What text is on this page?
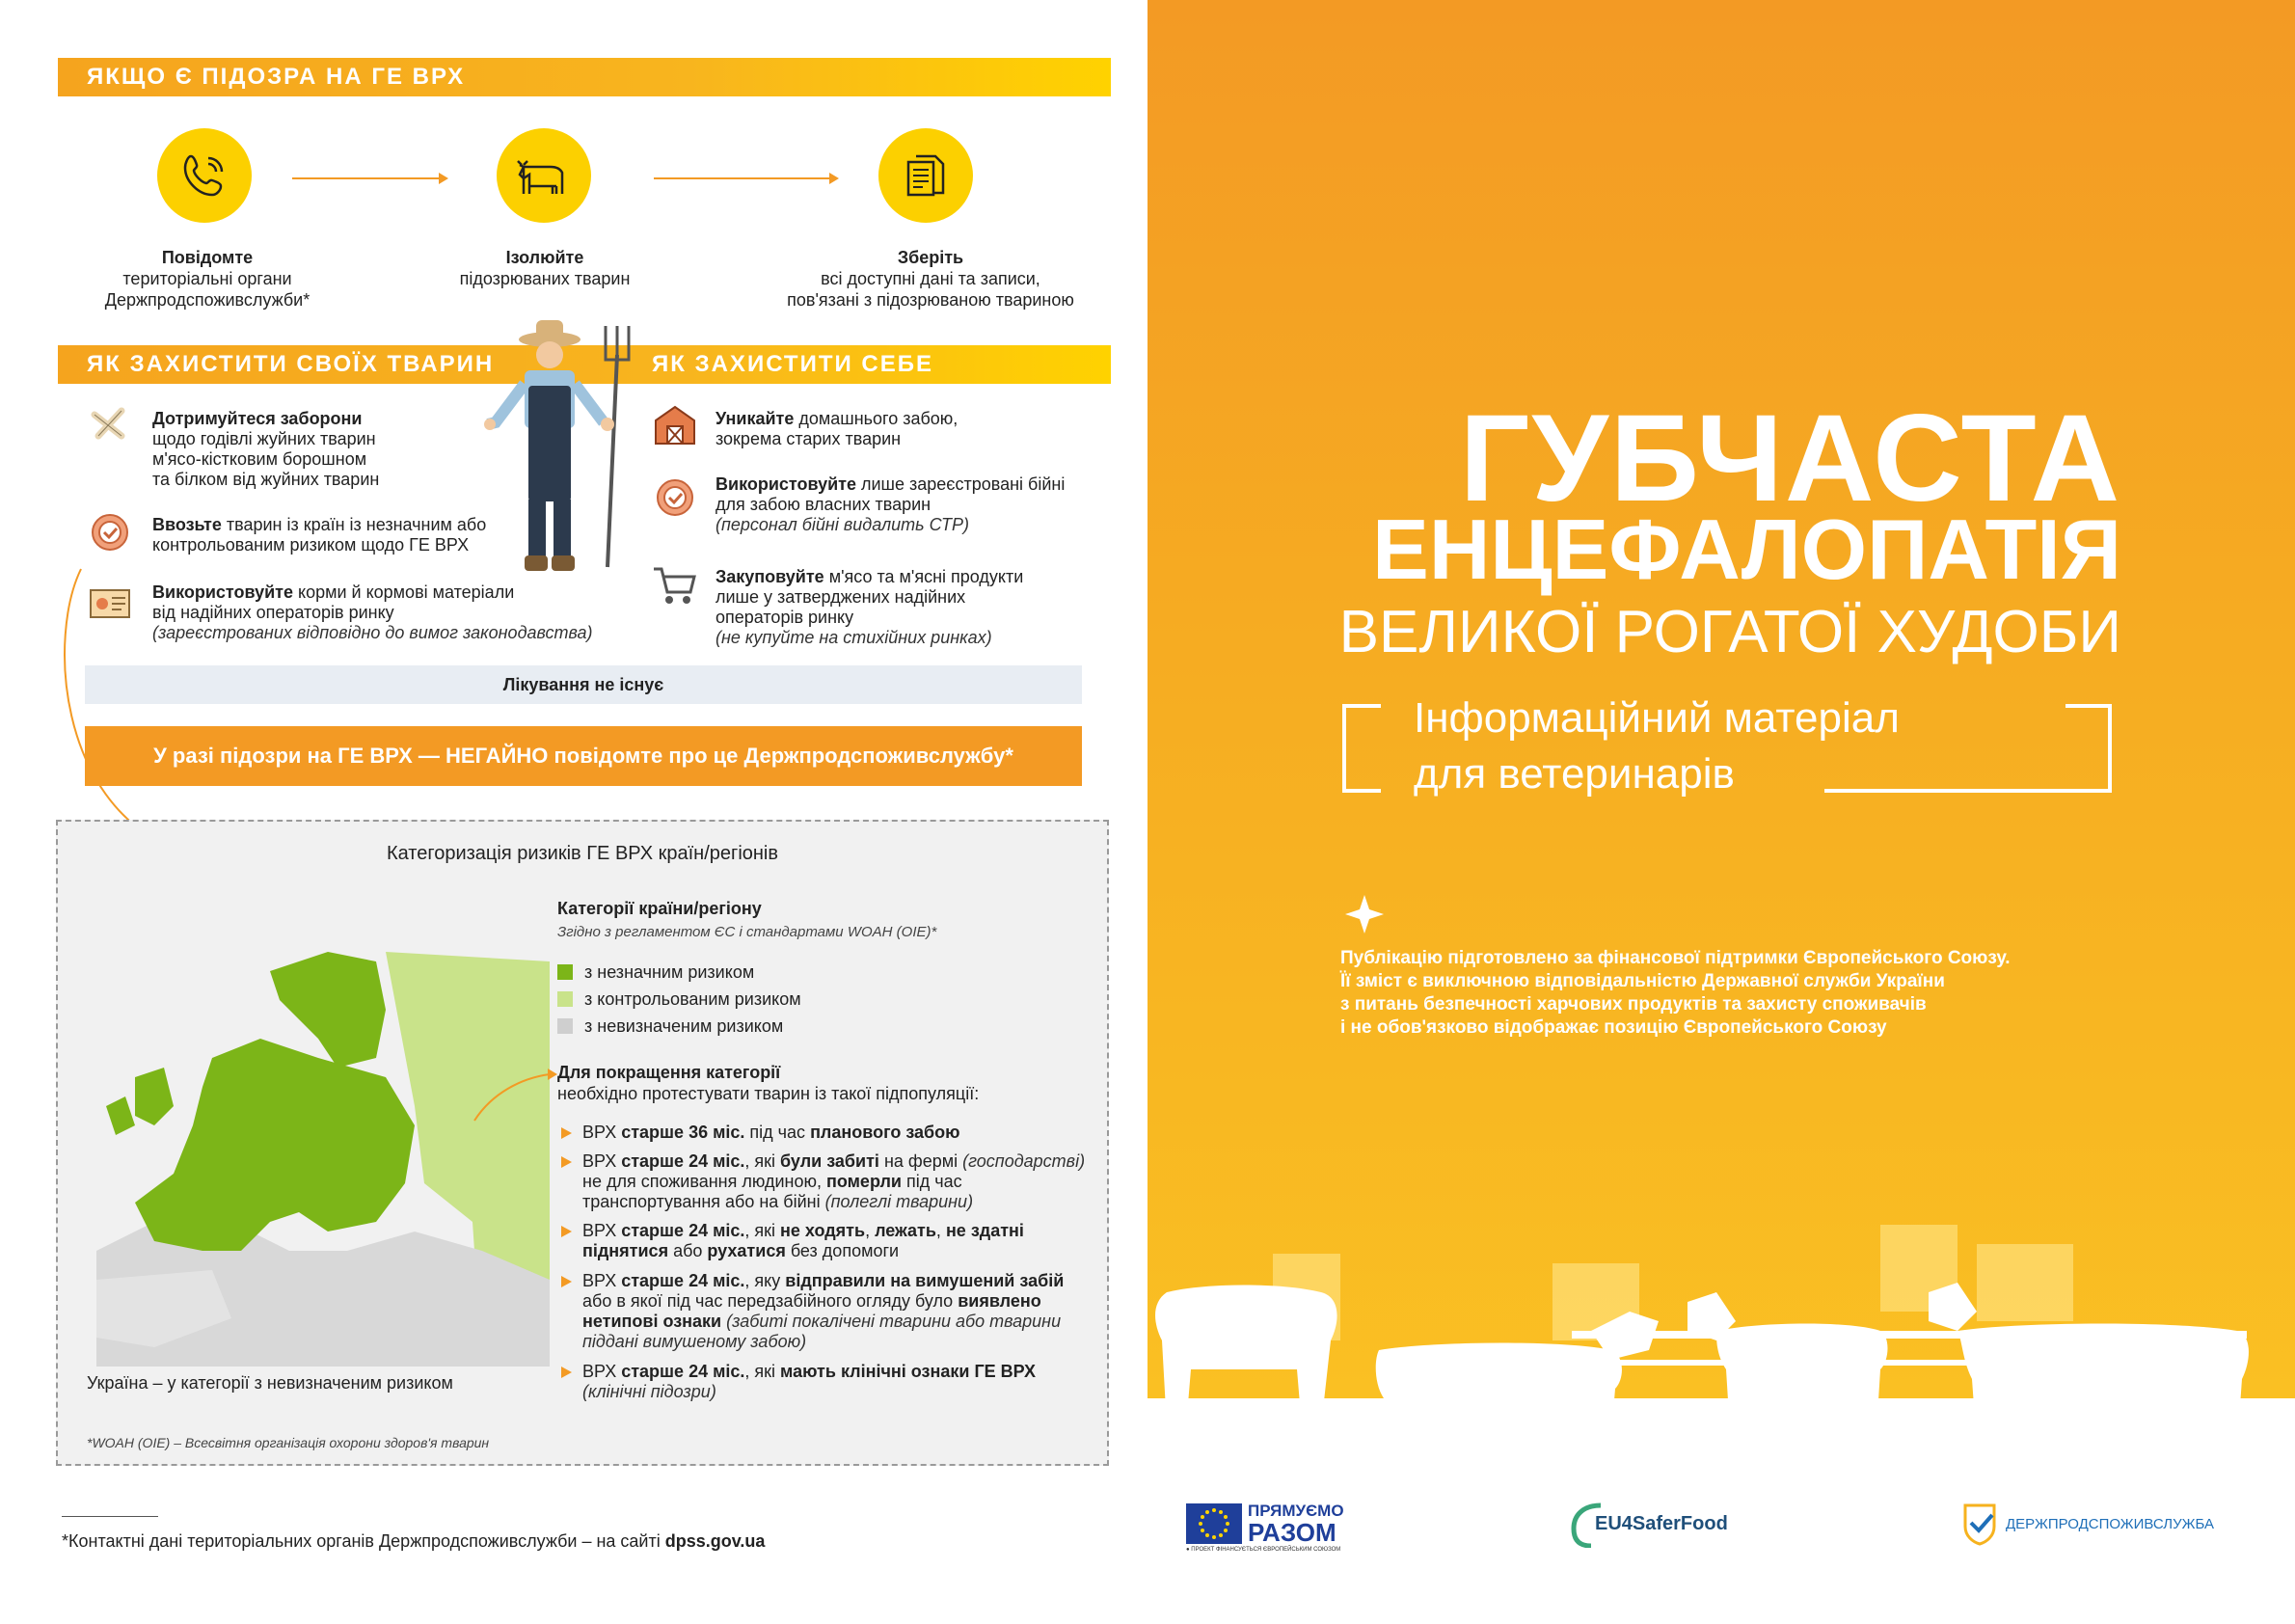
ЯКЩО Є ПІДОЗРА НА ГЕ ВРХ
Повідомте
територіальні органи
Держпродспоживслужби*
Ізолюйте
підозрюваних тварин
Зберіть
всі доступні дані та записи,
пов'язані з підозрюваною твариною
ЯК ЗАХИСТИТИ СВОЇХ ТВАРИН	ЯК ЗАХИСТИТИ СЕБЕ
Дотримуйтеся заборони
щодо годівлі жуйних тварин
м'ясо-кістковим борошном
та білком від жуйних тварин
Ввозьте тварин із країн із незначним або
контрольованим ризиком щодо ГЕ ВРХ
Використовуйте корми й кормові матеріали
від надійних операторів ринку
(зареєстрованих відповідно до вимог законодавства)
Уникайте домашнього забою,
зокрема старих тварин
Використовуйте лише зареєстровані бійні
для забою власних тварин
(персонал бійні видалить СТР)
Закуповуйте м'ясо та м'ясні продукти
лише у затверджених надійних
операторів ринку
(не купуйте на стихійних ринках)
Лікування не існує
У разі підозри на ГЕ ВРХ — НЕГАЙНО повідомте про це Держпродспоживслужбу*
Категоризація ризиків ГЕ ВРХ країн/регіонів
Категорії країни/регіону
Згідно з регламентом ЄС і стандартами WOAH (OIE)*
з незначним ризиком
з контрольованим ризиком
з невизначеним ризиком
Для покращення категорії
необхідно протестувати тварин із такої підпопуляції:
ВРХ старше 36 міс. під час планового забою
ВРХ старше 24 міс., які були забиті на фермі (господарстві)
не для споживання людиною, померли під час
транспортування або на бійні (полеглі тварини)
ВРХ старше 24 міс., які не ходять, лежать, не здатні
піднятися або рухатися без допомоги
ВРХ старше 24 міс., яку відправили на вимушений забій
або в якої під час передзабійного огляду було виявлено
нетипові ознаки (забиті покалічені тварини або тварини
піддані вимушеному забою)
ВРХ старше 24 міс., які мають клінічні ознаки ГЕ ВРХ
(клінічні підозри)
Україна – у категорії з невизначеним ризиком
*WOAH (OIE) – Всесвітня організація охорони здоров'я тварин
*Контактні дані територіальних органів Держпродспоживслужби – на сайті dpss.gov.ua
ГУБЧАСТА
ЕНЦЕФАЛОПАТІЯ
ВЕЛИКОЇ РОГАТОЇ ХУДОБИ
Інформаційний матеріал
для ветеринарів
Публікацію підготовлено за фінансової підтримки Європейського Союзу.
Її зміст є виключною відповідальністю Державної служби України
з питань безпечності харчових продуктів та захисту споживачів
і не обов'язково відображає позицію Європейського Союзу
ПРЯМУЄМО
РАЗОМ
● ПРОЕКТ ФІНАНСУЄТЬСЯ ЄВРОПЕЙСЬКИМ СОЮЗОМ
EU4SaferFood	ДЕРЖПРОДСПОЖИВСЛУЖБА
